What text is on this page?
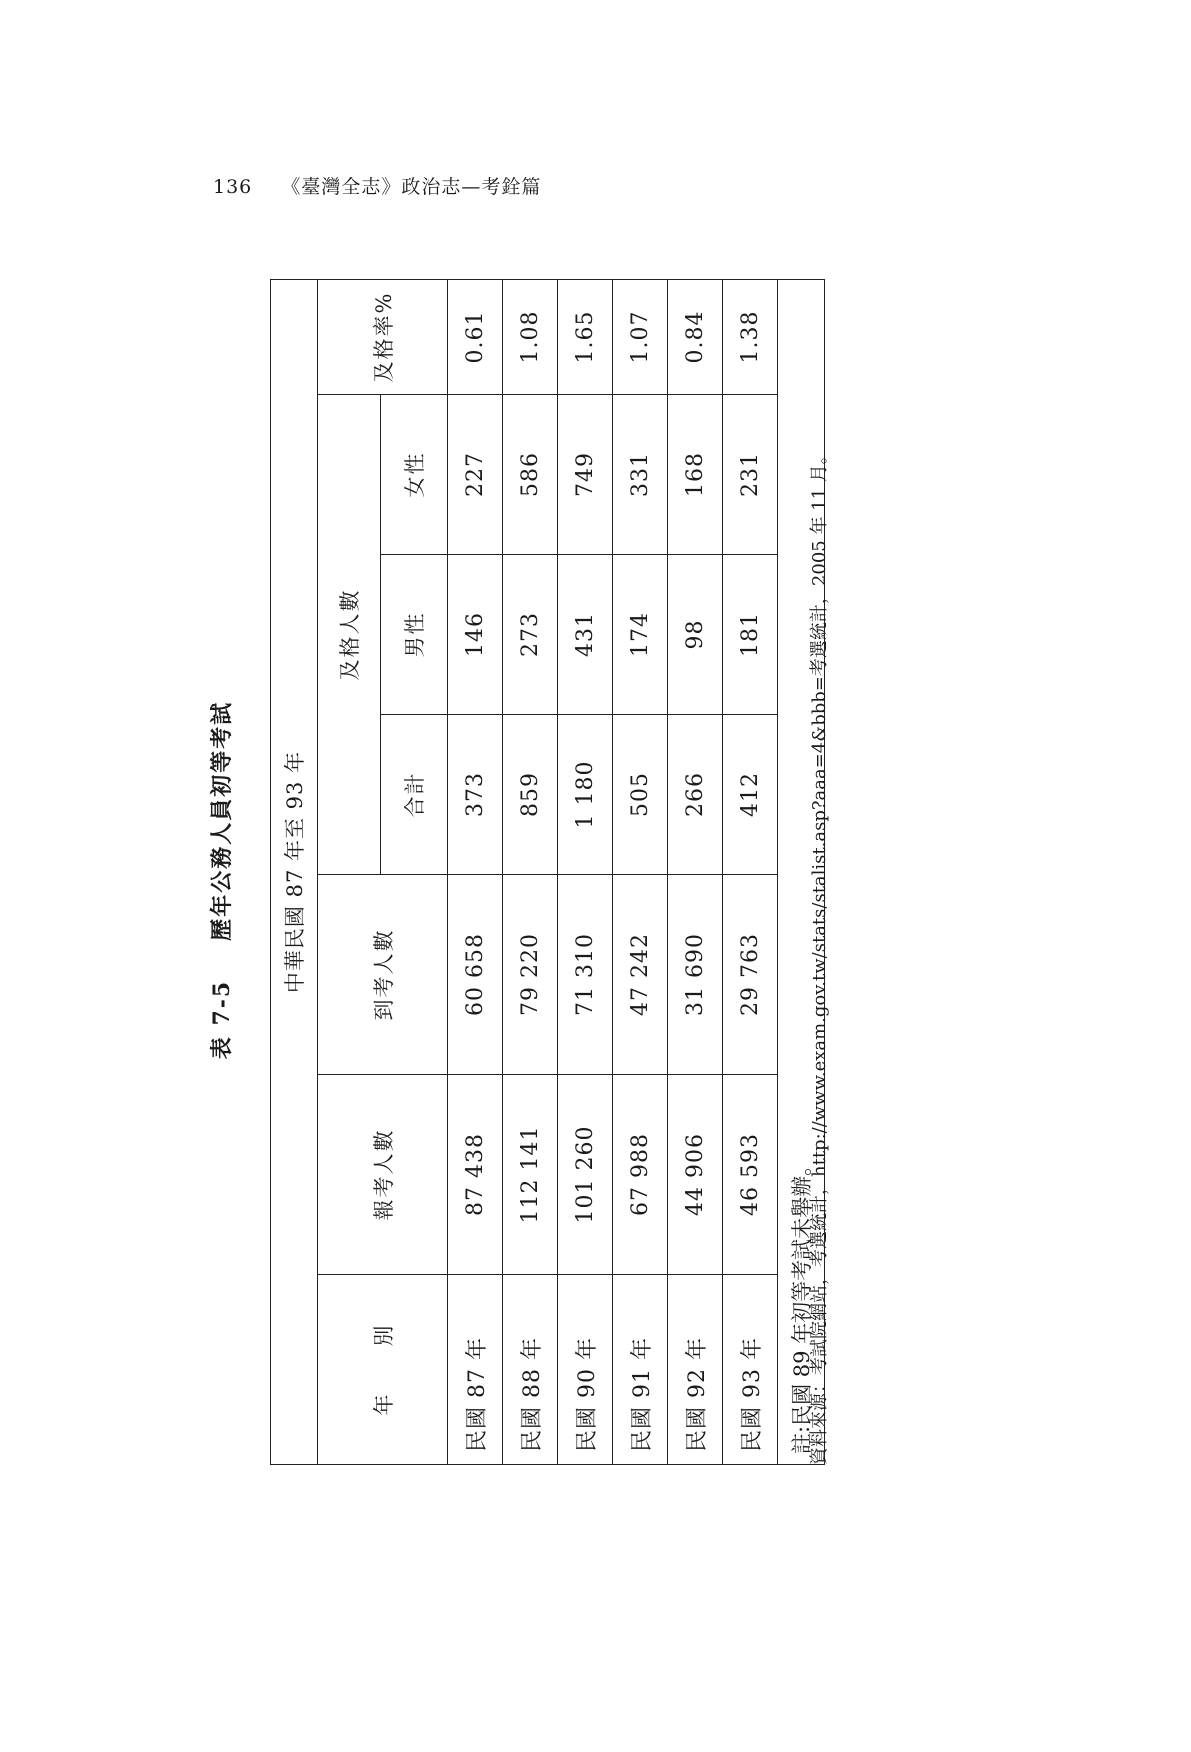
136 《臺灣全志》政治志—考銓篇
表 7-5 歷年公務人員初等考試 中華民國 87 年至 93 年						
年　　別	報考人數	到考人數	及格人數			及格率%
			合計	男性	女性	
民國 87 年	87 438	60 658	373	146	227	0.61
民國 88 年	112 141	79 220	859	273	586	1.08
民國 90 年	101 260	71 310	1 180	431	749	1.65
民國 91 年	67 988	47 242	505	174	331	1.07
民國 92 年	44 906	31 690	266	98	168	0.84
民國 93 年	46 593	29 763	412	181	231	1.38
註:民國 89 年初等考試未舉辦。						
資料來源：考試院網站，考選統計，http://www.exam.gov.tw/stats/stalist.asp?aaa=4&bbb=考選統計，2005 年 11 月。
